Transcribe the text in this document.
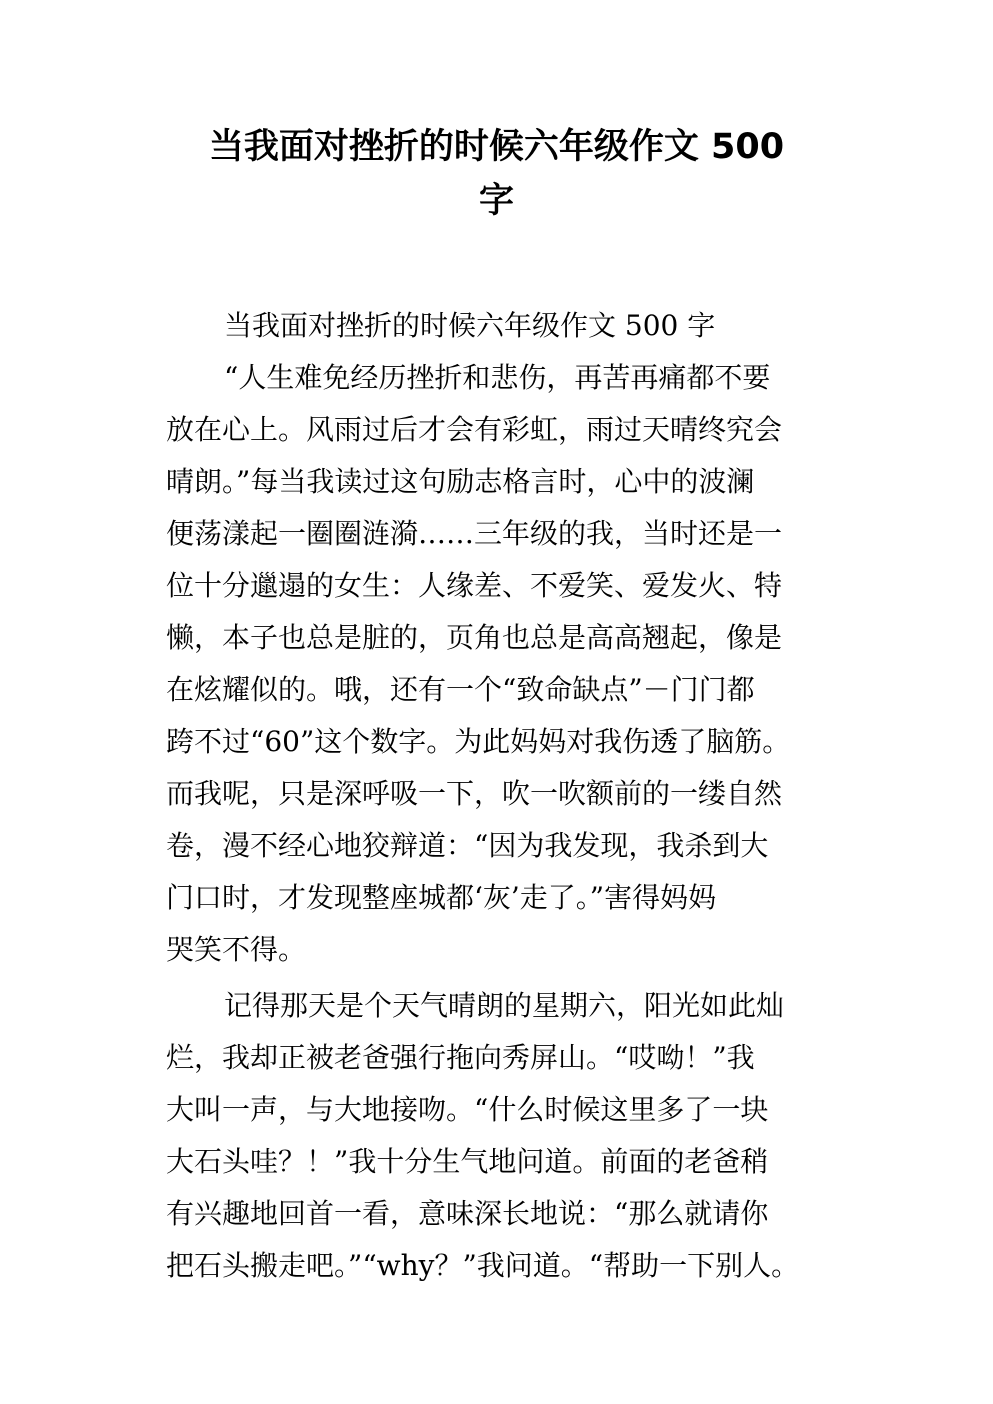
当我面对挫折的时候六年级作文 500
字
当我面对挫折的时候六年级作文 500 字
“人生难免经历挫折和悲伤，再苦再痛都不要
放在心上。风雨过后才会有彩虹，雨过天晴终究会
晴朗。”每当我读过这句励志格言时，心中的波澜
便荡漾起一圈圈涟漪……三年级的我，当时还是一
位十分邋遢的女生：人缘差、不爱笑、爱发火、特
懒，本子也总是脏的，页角也总是高高翘起，像是
在炫耀似的。哦，还有一个“致命缺点”－门门都
跨不过“60”这个数字。为此妈妈对我伤透了脑筋。
而我呢，只是深呼吸一下，吹一吹额前的一缕自然
卷，漫不经心地狡辩道：“因为我发现，我杀到大
门口时，才发现整座城都‘灰’走了。”害得妈妈
哭笑不得。
记得那天是个天气晴朗的星期六，阳光如此灿
烂，我却正被老爸强行拖向秀屏山。“哎呦！”我
大叫一声，与大地接吻。“什么时候这里多了一块
大石头哇？！”我十分生气地问道。前面的老爸稍
有兴趣地回首一看，意味深长地说：“那么就请你
把石头搬走吧。”“why？”我问道。“帮助一下别人。
